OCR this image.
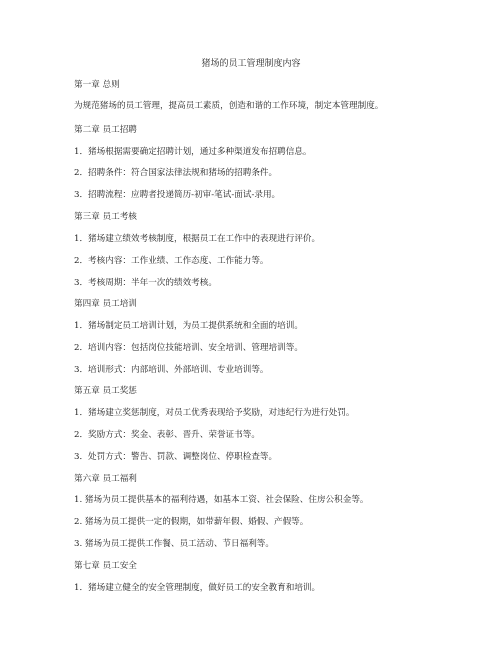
猪场的员工管理制度内容
第一章 总则
为规范猪场的员工管理，提高员工素质，创造和谐的工作环境，制定本管理制度。
第二章 员工招聘
1．猪场根据需要确定招聘计划，通过多种渠道发布招聘信息。
2．招聘条件：符合国家法律法规和猪场的招聘条件。
3．招聘流程：应聘者投递简历-初审-笔试-面试-录用。
第三章 员工考核
1．猪场建立绩效考核制度，根据员工在工作中的表现进行评价。
2．考核内容：工作业绩、工作态度、工作能力等。
3．考核周期：半年一次的绩效考核。
第四章 员工培训
1．猪场制定员工培训计划，为员工提供系统和全面的培训。
2．培训内容：包括岗位技能培训、安全培训、管理培训等。
3．培训形式：内部培训、外部培训、专业培训等。
第五章 员工奖惩
1．猪场建立奖惩制度，对员工优秀表现给予奖励，对违纪行为进行处罚。
2．奖励方式：奖金、表彰、晋升、荣誉证书等。
3．处罚方式：警告、罚款、调整岗位、停职检查等。
第六章 员工福利
1. 猪场为员工提供基本的福利待遇，如基本工资、社会保险、住房公积金等。
2. 猪场为员工提供一定的假期，如带薪年假、婚假、产假等。
3. 猪场为员工提供工作餐、员工活动、节日福利等。
第七章 员工安全
1．猪场建立健全的安全管理制度，做好员工的安全教育和培训。
